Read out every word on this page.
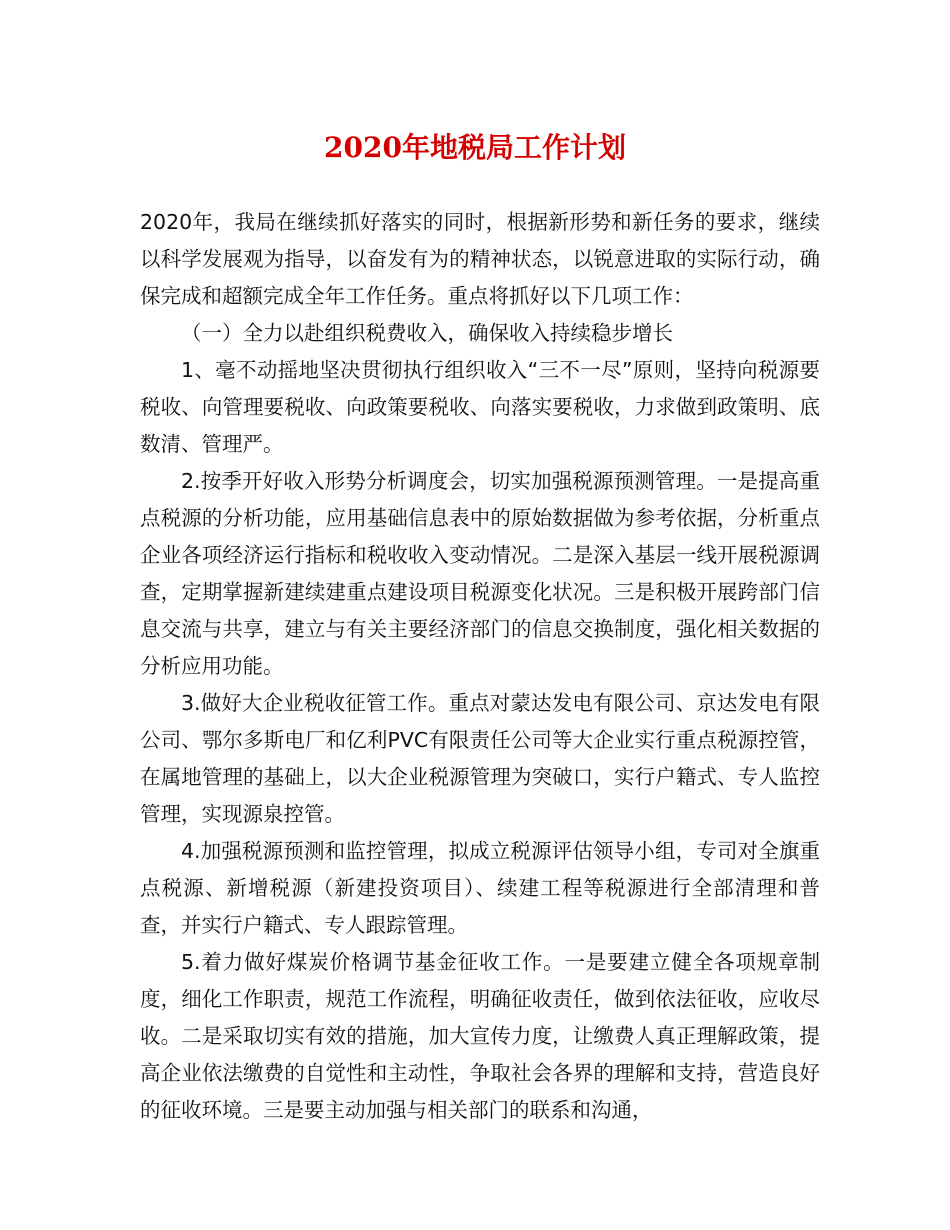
2020年地税局工作计划

2020年，我局在继续抓好落实的同时，根据新形势和新任务的要求，继续以科学发展观为指导，以奋发有为的精神状态，以锐意进取的实际行动，确保完成和超额完成全年工作任务。重点将抓好以下几项工作：

（一）全力以赴组织税费收入，确保收入持续稳步增长

1、毫不动摇地坚决贯彻执行组织收入“三不一尽”原则，坚持向税源要税收、向管理要税收、向政策要税收、向落实要税收，力求做到政策明、底数清、管理严。

2.按季开好收入形势分析调度会，切实加强税源预测管理。一是提高重点税源的分析功能，应用基础信息表中的原始数据做为参考依据，分析重点企业各项经济运行指标和税收收入变动情况。二是深入基层一线开展税源调查，定期掌握新建续建重点建设项目税源变化状况。三是积极开展跨部门信息交流与共享，建立与有关主要经济部门的信息交换制度，强化相关数据的分析应用功能。

3.做好大企业税收征管工作。重点对蒙达发电有限公司、京达发电有限公司、鄂尔多斯电厂和亿利PVC有限责任公司等大企业实行重点税源控管，在属地管理的基础上，以大企业税源管理为突破口，实行户籍式、专人监控管理，实现源泉控管。

4.加强税源预测和监控管理，拟成立税源评估领导小组，专司对全旗重点税源、新增税源（新建投资项目）、续建工程等税源进行全部清理和普查，并实行户籍式、专人跟踪管理。

5.着力做好煤炭价格调节基金征收工作。一是要建立健全各项规章制度，细化工作职责，规范工作流程，明确征收责任，做到依法征收，应收尽收。二是采取切实有效的措施，加大宣传力度，让缴费人真正理解政策，提高企业依法缴费的自觉性和主动性，争取社会各界的理解和支持，营造良好的征收环境。三是要主动加强与相关部门的联系和沟通，
